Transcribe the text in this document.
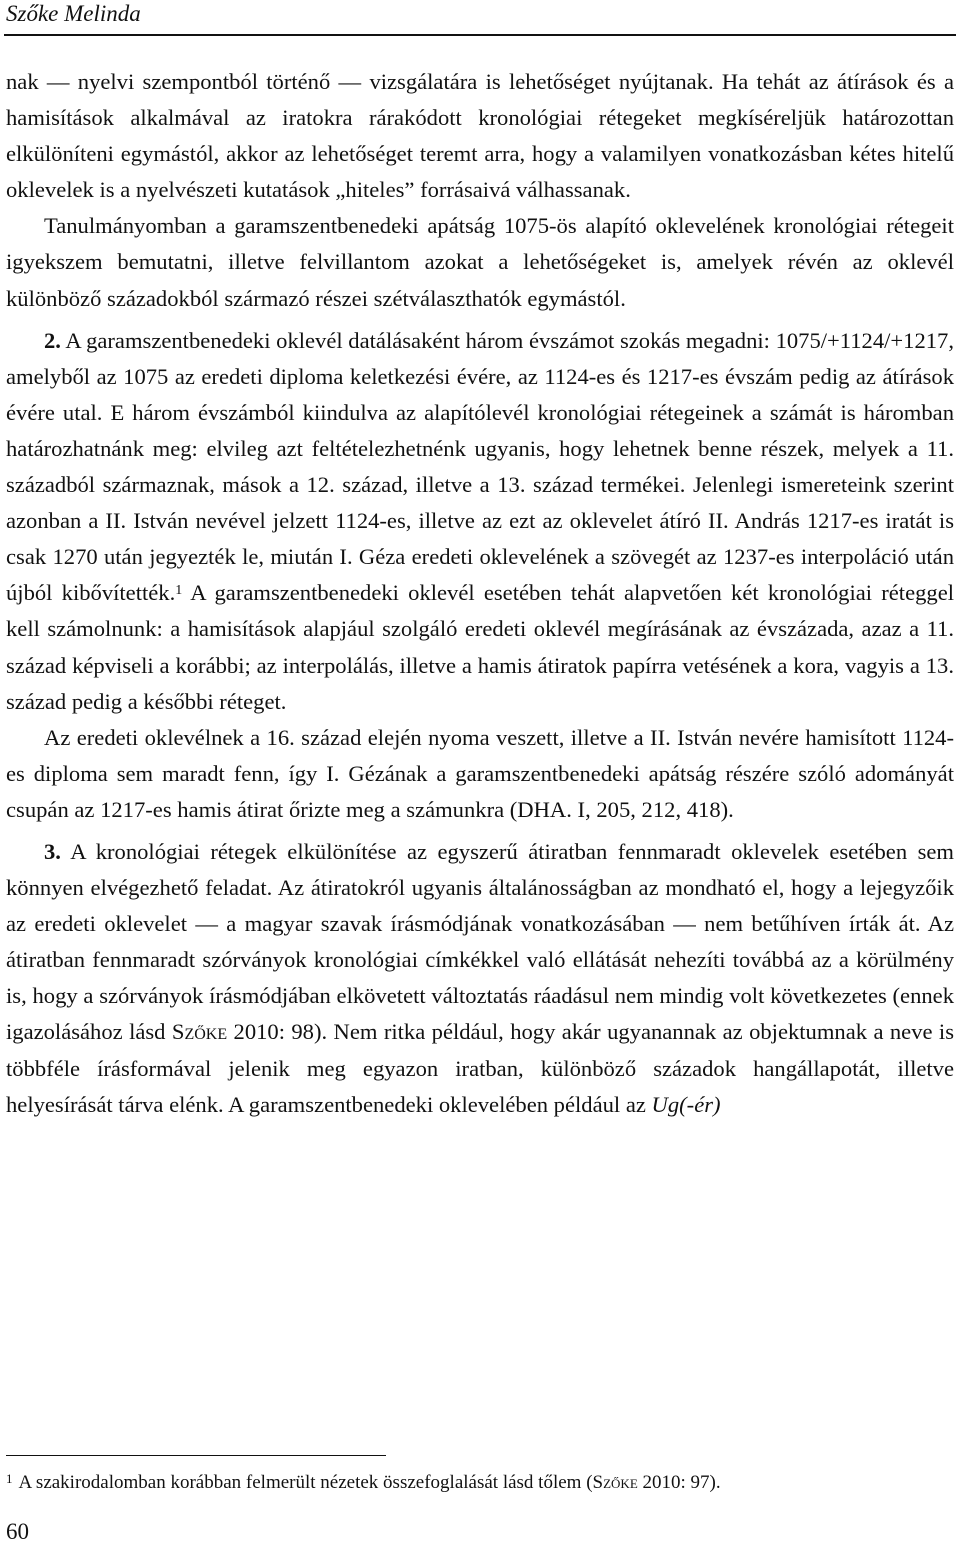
Szőke Melinda

nak — nyelvi szempontból történő — vizsgálatára is lehetőséget nyújtanak. Ha tehát az átírások és a hamisítások alkalmával az iratokra rárakódott kronológiai rétegeket megkíséreljük határozottan elkülöníteni egymástól, akkor az lehetőséget teremt arra, hogy a valamilyen vonatkozásban kétes hitelű oklevelek is a nyelvészeti kutatások „hiteles” forrásaivá válhassanak.

Tanulmányomban a garamszentbenedeki apátság 1075-ös alapító oklevelének kronológiai rétegeit igyekszem bemutatni, illetve felvillantom azokat a lehetőségeket is, amelyek révén az oklevél különböző századokból származó részei szétválaszthatók egymástól.

2. A garamszentbenedeki oklevél datálásaként három évszámot szokás megadni: 1075/+1124/+1217, amelyből az 1075 az eredeti diploma keletkezési évére, az 1124-es és 1217-es évszám pedig az átírások évére utal. E három évszámból kiindulva az alapítólevél kronológiai rétegeinek a számát is háromban határozhatnánk meg: elvileg azt feltételezhetnénk ugyanis, hogy lehetnek benne részek, melyek a 11. századból származnak, mások a 12. század, illetve a 13. század termékei. Jelenlegi ismereteink szerint azonban a II. István nevével jelzett 1124-es, illetve az ezt az oklevelet átíró II. András 1217-es iratát is csak 1270 után jegyezték le, miután I. Géza eredeti oklevelének a szövegét az 1237-es interpoláció után újból kibővítették.$^1$ A garamszentbenedeki oklevél esetében tehát alapvetően két kronológiai réteggel kell számolnunk: a hamisítások alapjául szolgáló eredeti oklevél megírásának az évszázada, azaz a 11. század képviseli a korábbi; az interpolálás, illetve a hamis átiratok papírra vetésének a kora, vagyis a 13. század pedig a későbbi réteget.

Az eredeti oklevélnek a 16. század elején nyoma veszett, illetve a II. István nevére hamisított 1124-es diploma sem maradt fenn, így I. Gézának a garamszentbenedeki apátság részére szóló adományát csupán az 1217-es hamis átirat őrizte meg a számunkra (DHA. I, 205, 212, 418).

3. A kronológiai rétegek elkülönítése az egyszerű átiratban fennmaradt oklevelek esetében sem könnyen elvégezhető feladat. Az átiratokról ugyanis általánosságban az mondható el, hogy a lejegyzőik az eredeti oklevelet — a magyar szavak írásmódjának vonatkozásában — nem betűhíven írták át. Az átiratban fennmaradt szórványok kronológiai címkékkel való ellátását nehezíti továbbá az a körülmény is, hogy a szórványok írásmódjában elkövetett változtatás ráadásul nem mindig volt következetes (ennek igazolásához lásd Szőke 2010: 98). Nem ritka például, hogy akár ugyanannak az objektumnak a neve is többféle írásformával jelenik meg egyazon iratban, különböző századok hangállapotát, illetve helyesírását tárva elénk. A garamszentbenedeki oklevelében például az Ug(-ér)

$^1$ A szakirodalomban korábban felmerült nézetek összefoglalását lásd tőlem (Szőke 2010: 97).
60
